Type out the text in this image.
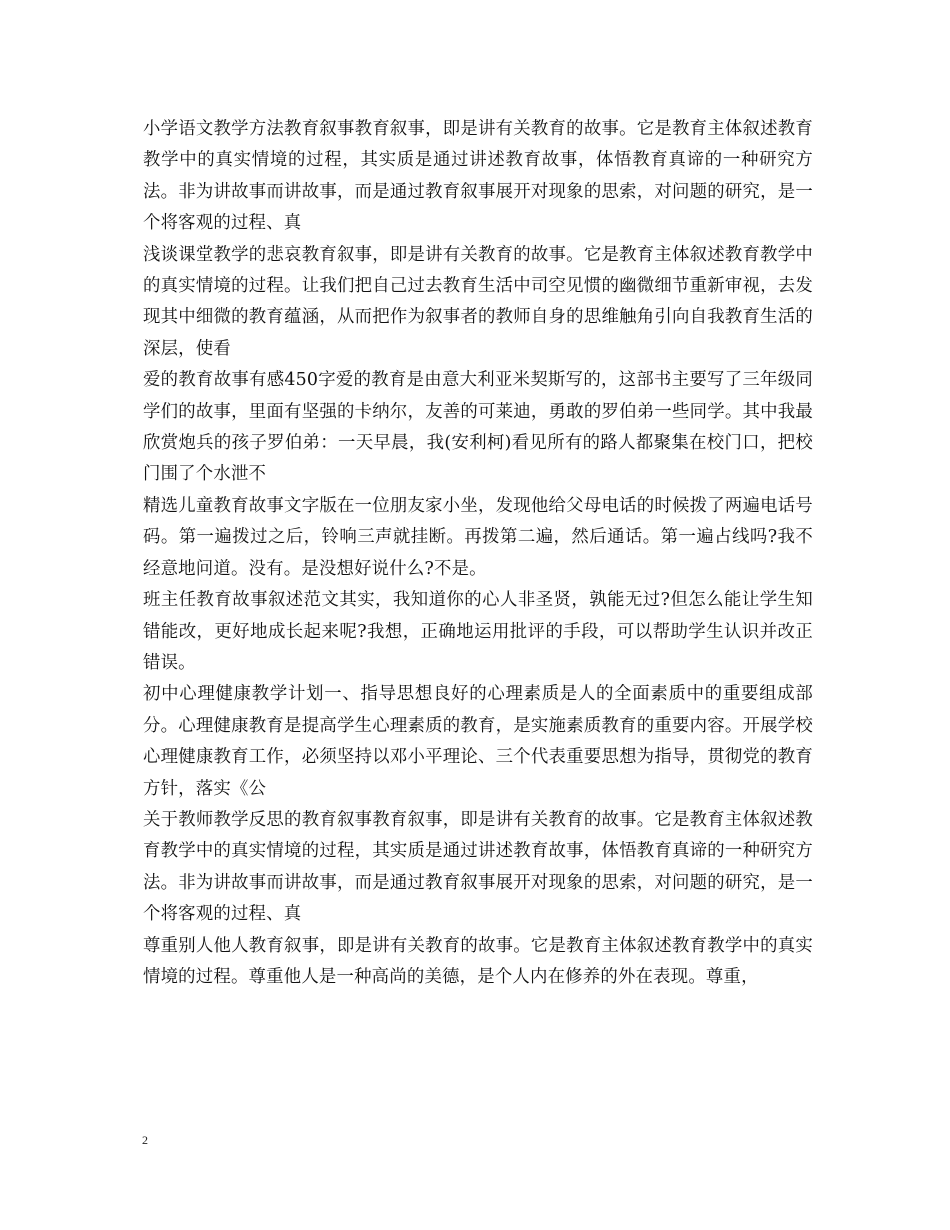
小学语文教学方法教育叙事教育叙事，即是讲有关教育的故事。它是教育主体叙述教育教学中的真实情境的过程，其实质是通过讲述教育故事，体悟教育真谛的一种研究方法。非为讲故事而讲故事，而是通过教育叙事展开对现象的思索，对问题的研究，是一个将客观的过程、真

浅谈课堂教学的悲哀教育叙事，即是讲有关教育的故事。它是教育主体叙述教育教学中的真实情境的过程。让我们把自己过去教育生活中司空见惯的幽微细节重新审视，去发现其中细微的教育蕴涵，从而把作为叙事者的教师自身的思维触角引向自我教育生活的深层，使看

爱的教育故事有感450字爱的教育是由意大利亚米契斯写的，这部书主要写了三年级同学们的故事，里面有坚强的卡纳尔，友善的可莱迪，勇敢的罗伯弟一些同学。其中我最欣赏炮兵的孩子罗伯弟：一天早晨，我(安利柯)看见所有的路人都聚集在校门口，把校门围了个水泄不

精选儿童教育故事文字版在一位朋友家小坐，发现他给父母电话的时候拨了两遍电话号码。第一遍拨过之后，铃响三声就挂断。再拨第二遍，然后通话。第一遍占线吗?我不经意地问道。没有。是没想好说什么?不是。

班主任教育故事叙述范文其实，我知道你的心人非圣贤，孰能无过?但怎么能让学生知错能改，更好地成长起来呢?我想，正确地运用批评的手段，可以帮助学生认识并改正错误。

初中心理健康教学计划一、指导思想良好的心理素质是人的全面素质中的重要组成部分。心理健康教育是提高学生心理素质的教育，是实施素质教育的重要内容。开展学校心理健康教育工作，必须坚持以邓小平理论、三个代表重要思想为指导，贯彻党的教育方针，落实《公

关于教师教学反思的教育叙事教育叙事，即是讲有关教育的故事。它是教育主体叙述教育教学中的真实情境的过程，其实质是通过讲述教育故事，体悟教育真谛的一种研究方法。非为讲故事而讲故事，而是通过教育叙事展开对现象的思索，对问题的研究，是一个将客观的过程、真

尊重别人他人教育叙事，即是讲有关教育的故事。它是教育主体叙述教育教学中的真实情境的过程。尊重他人是一种高尚的美德，是个人内在修养的外在表现。尊重，

2
